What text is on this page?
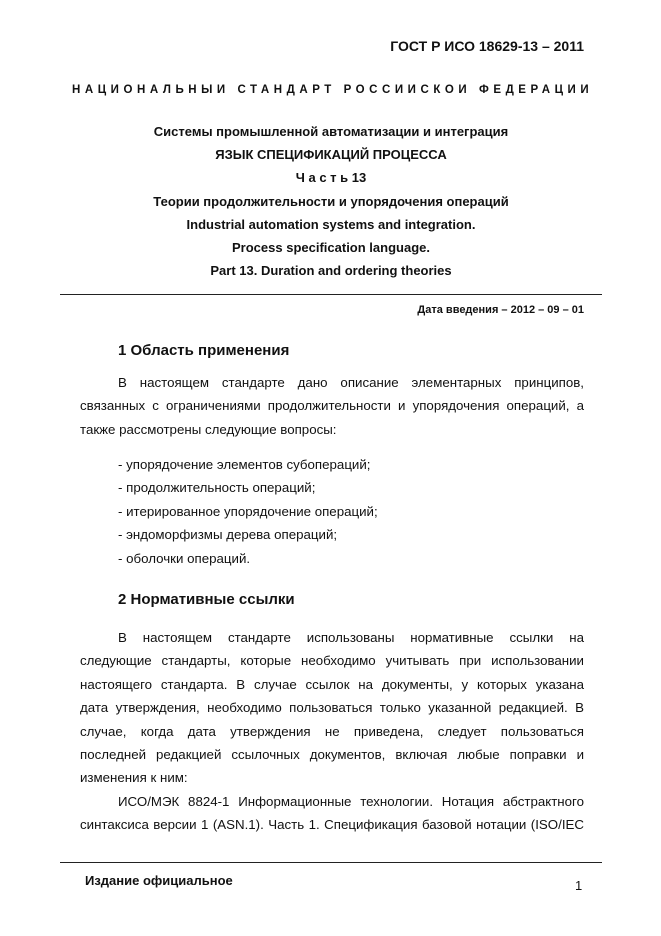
ГОСТ Р ИСО 18629-13 – 2011
НАЦИОНАЛЬНЫЙ СТАНДАРТ РОССИЙСКОЙ ФЕДЕРАЦИИ
Системы промышленной автоматизации и интеграция
ЯЗЫК СПЕЦИФИКАЦИЙ ПРОЦЕССА
Ч а с т ь 13
Теории продолжительности и упорядочения операций
Industrial automation systems and integration.
Process specification language.
Part 13. Duration and ordering theories
Дата введения – 2012 – 09 – 01
1 Область применения
В настоящем стандарте дано описание элементарных принципов,
связанных с ограничениями продолжительности и упорядочения операций, а
также рассмотрены следующие вопросы:
- упорядочение элементов субопераций;
- продолжительность операций;
- итерированное упорядочение операций;
- эндоморфизмы дерева операций;
- оболочки операций.
2 Нормативные ссылки
В настоящем стандарте использованы нормативные ссылки на
следующие стандарты, которые необходимо учитывать при использовании
настоящего стандарта. В случае ссылок на документы, у которых указана
дата утверждения, необходимо пользоваться только указанной редакцией. В
случае, когда дата утверждения не приведена, следует пользоваться
последней редакцией ссылочных документов, включая любые поправки и
изменения к ним:
ИСО/МЭК 8824-1 Информационные технологии. Нотация абстрактного
синтаксиса версии 1 (ASN.1). Часть 1. Спецификация базовой нотации (ISO/IEC
Издание официальное	1
